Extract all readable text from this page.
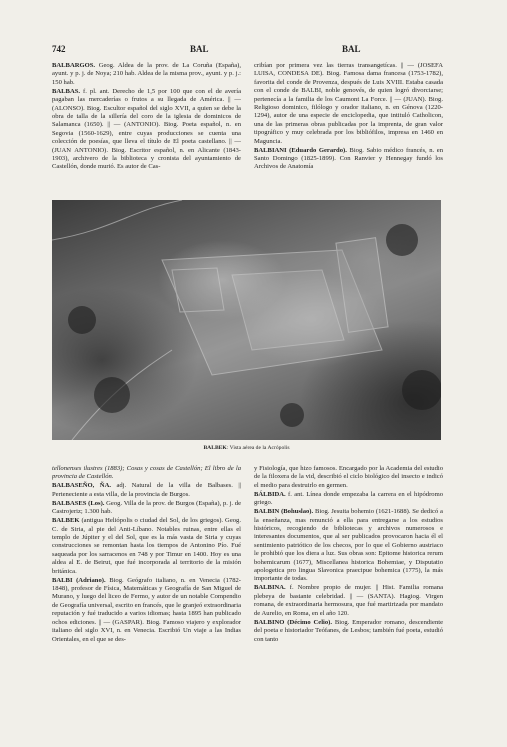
742	BAL	BAL

BALBARGOS. Geog. Aldea de la prov. de La Coruña (España), ayunt. y p. j. de Noya; 210 hab. Aldea de la misma prov., ayunt. y p. j.: 150 hab.

BALBAS. f. pl. ant. Derecho de 1,5 por 100 que con el de avería pagaban las mercaderías o frutos a su llegada de América. || — (ALONSO). Biog. Escultor español del siglo XVII, a quien se debe la obra de talla de la sillería del coro de la iglesia de dominicos de Salamanca (1650). || — (ANTONIO). Biog. Poeta español, n. en Segovia (1560-1629), entre cuyas producciones se cuenta una colección de poesías, que lleva el título de El poeta castellano. || — (JUAN ANTONIO). Biog. Escritor español, n. en Alicante (1843-1903), archivero de la biblioteca y cronista del ayuntamiento de Castellón, donde murió. Es autor de Cas-

cribían por primera vez las tierras transangetícas. || — (JOSEFA LUISA, CONDESA DE). Biog. Famosa dama francesa (1753-1782), favorita del conde de Provenza, después de Luis XVIII. Estaba casada con el conde de BALBI, noble genovés, de quien logró divorciarse; pertenecía a la familia de los Caumont La Force. || — (JUAN). Biog. Religioso dominico, filólogo y orador italiano, n. en Génova (1220-1294), autor de una especie de enciclopedia, que intituló Catholicon, una de las primeras obras publicadas por la imprenta, de gran valor tipográfico y muy celebrada por los bibliófilos, impresa en 1460 en Maguncia.

BALBIANI (Eduardo Gerardo). Biog. Sabio médico francés, n. en Santo Domingo (1825-1899). Con Ranvier y Hennegay fundó los Archivos de Anatomía

BALBEK: Vista aérea de la Acrópolis

tellonenses ilustres (1883); Cosas y cosas de Castellón; El libro de la provincia de Castellón.

BALBASEÑO, ÑA. adj. Natural de la villa de Balbases. || Perteneciente a esta villa, de la provincia de Burgos.

BALBASES (Los). Geog. Villa de la prov. de Burgos (España), p. j. de Castrojeriz; 1.300 hab.

BALBEK (antigua Heliópolis o ciudad del Sol, de los griegos). Geog. C. de Siria, al pie del Anti-Líbano. Notables ruinas, entre ellas el templo de Júpiter y el del Sol, que es la más vasta de Siria y cuyas construcciones se remontan hasta los tiempos de Antonino Pío. Fué saqueada por los sarracenos en 748 y por Timur en 1400. Hoy es una aldea al E. de Beirut, que fué incorporada al territorio de la misión británica.

BALBI (Adriano). Biog. Geógrafo italiano, n. en Venecia (1782-1848), profesor de Física, Matemáticas y Geografía de San Miguel de Murano, y luego del liceo de Fermo, y autor de un notable Compendio de Geografía universal, escrito en francés, que le granjeó extraordinaria reputación y fué traducido a varios idiomas; hasta 1895 han publicado ochos ediciones. || — (GASPAR). Biog. Famoso viajero y explorador italiano del siglo XVI, n. en Venecia. Escribió Un viaje a las Indias Orientales, en el que se des-

y Fisiología, que hizo famosos. Encargado por la Academia del estudio de la filoxera de la vid, describió el ciclo biológico del insecto e indicó el medio para destruirlo en germen.

BÁLBIDA. f. ant. Línea donde empezaba la carrera en el hipódromo griego.

BALBIN (Bohuslao). Biog. Jesuita bohemio (1621-1688). Se dedicó a la enseñanza, mas renunció a ella para entregarse a los estudios históricos, recogiendo de bibliotecas y archivos numerosos e interesantes documentos, que al ser publicados provocaron hacia él el sentimiento patriótico de los checos, por lo que el Gobierno austriaco le prohibió que los diera a luz. Sus obras son: Epitome historica rerum bohemicarum (1677), Miscellanea historica Bohemiae, y Disputatio apologetica pro lingua Slavonica praecipue bohemica (1775), la más importante de todas.

BALBINA. f. Nombre propio de mujer. || Hist. Familia romana plebeya de bastante celebridad. || — (SANTA). Hagiog. Virgen romana, de extraordinaria hermosura, que fué martirizada por mandato de Aurelio, en Roma, en el año 120.

BALBINO (Décimo Celio). Biog. Emperador romano, descendiente del poeta e historiador Teófanes, de Lesbos; también fué poeta, estudió con tanto
